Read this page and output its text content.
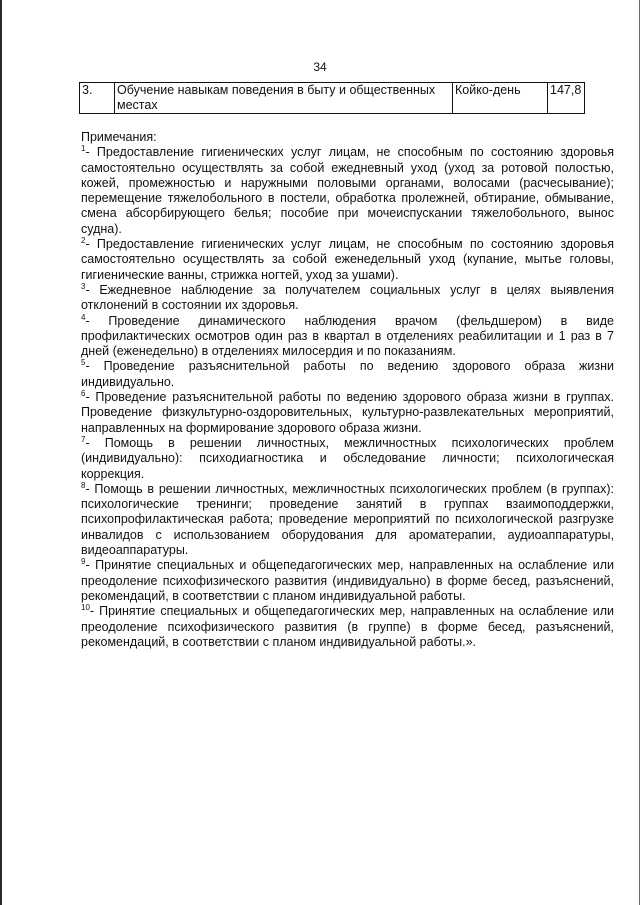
34
3.	Обучение навыкам поведения в быту и общественных местах	Койко-день	147,8

Примечания:

$^1$- Предоставление гигиенических услуг лицам, не способным по состоянию здоровья самостоятельно осуществлять за собой ежедневный уход (уход за ротовой полостью, кожей, промежностью и наружными половыми органами, волосами (расчесывание); перемещение тяжелобольного в постели, обработка пролежней, обтирание, обмывание, смена абсорбирующего белья; пособие при мочеиспускании тяжелобольного, вынос судна).

$^2$- Предоставление гигиенических услуг лицам, не способным по состоянию здоровья самостоятельно осуществлять за собой еженедельный уход (купание, мытье головы, гигиенические ванны, стрижка ногтей, уход за ушами).

$^3$- Ежедневное наблюдение за получателем социальных услуг в целях выявления отклонений в состоянии их здоровья.

$^4$- Проведение динамического наблюдения врачом (фельдшером) в виде профилактических осмотров один раз в квартал в отделениях реабилитации и 1 раз в 7 дней (еженедельно) в отделениях милосердия и по показаниям.

$^5$- Проведение разъяснительной работы по ведению здорового образа жизни индивидуально.

$^6$- Проведение разъяснительной работы по ведению здорового образа жизни в группах. Проведение физкультурно-оздоровительных, культурно-развлекательных мероприятий, направленных на формирование здорового образа жизни.

$^7$- Помощь в решении личностных, межличностных психологических проблем (индивидуально): психодиагностика и обследование личности; психологическая коррекция.

$^8$- Помощь в решении личностных, межличностных психологических проблем (в группах): психологические тренинги; проведение занятий в группах взаимоподдержки, психопрофилактическая работа; проведение мероприятий по психологической разгрузке инвалидов с использованием оборудования для ароматерапии, аудиоаппаратуры, видеоаппаратуры.

$^9$- Принятие специальных и общепедагогических мер, направленных на ослабление или преодоление психофизического развития (индивидуально) в форме бесед, разъяснений, рекомендаций, в соответствии с планом индивидуальной работы.

$^{10}$- Принятие специальных и общепедагогических мер, направленных на ослабление или преодоление психофизического развития (в группе) в форме бесед, разъяснений, рекомендаций, в соответствии с планом индивидуальной работы.».
